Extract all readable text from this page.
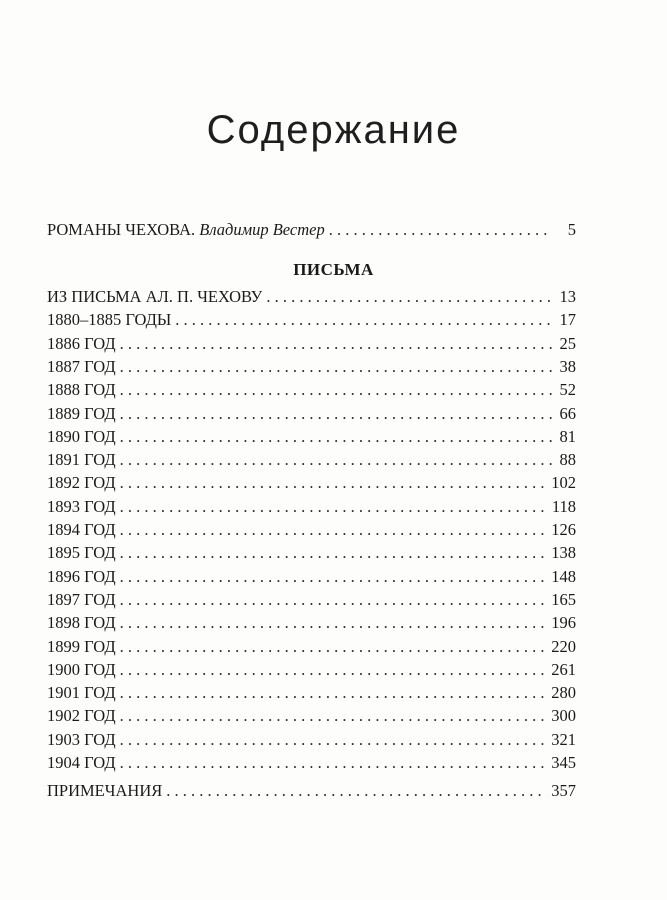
Содержание
РОМАНЫ ЧЕХОВА. Владимир Вестер . . .	5
ПИСЬМА
ИЗ ПИСЬМА АЛ. П. ЧЕХОВУ . . .	13
1880–1885 ГОДЫ . . .	17
1886 ГОД . . .	25
1887 ГОД . . .	38
1888 ГОД . . .	52
1889 ГОД . . .	66
1890 ГОД . . .	81
1891 ГОД . . .	88
1892 ГОД . . .	102
1893 ГОД . . .	118
1894 ГОД . . .	126
1895 ГОД . . .	138
1896 ГОД . . .	148
1897 ГОД . . .	165
1898 ГОД . . .	196
1899 ГОД . . .	220
1900 ГОД . . .	261
1901 ГОД . . .	280
1902 ГОД . . .	300
1903 ГОД . . .	321
1904 ГОД . . .	345
ПРИМЕЧАНИЯ . . .	357
